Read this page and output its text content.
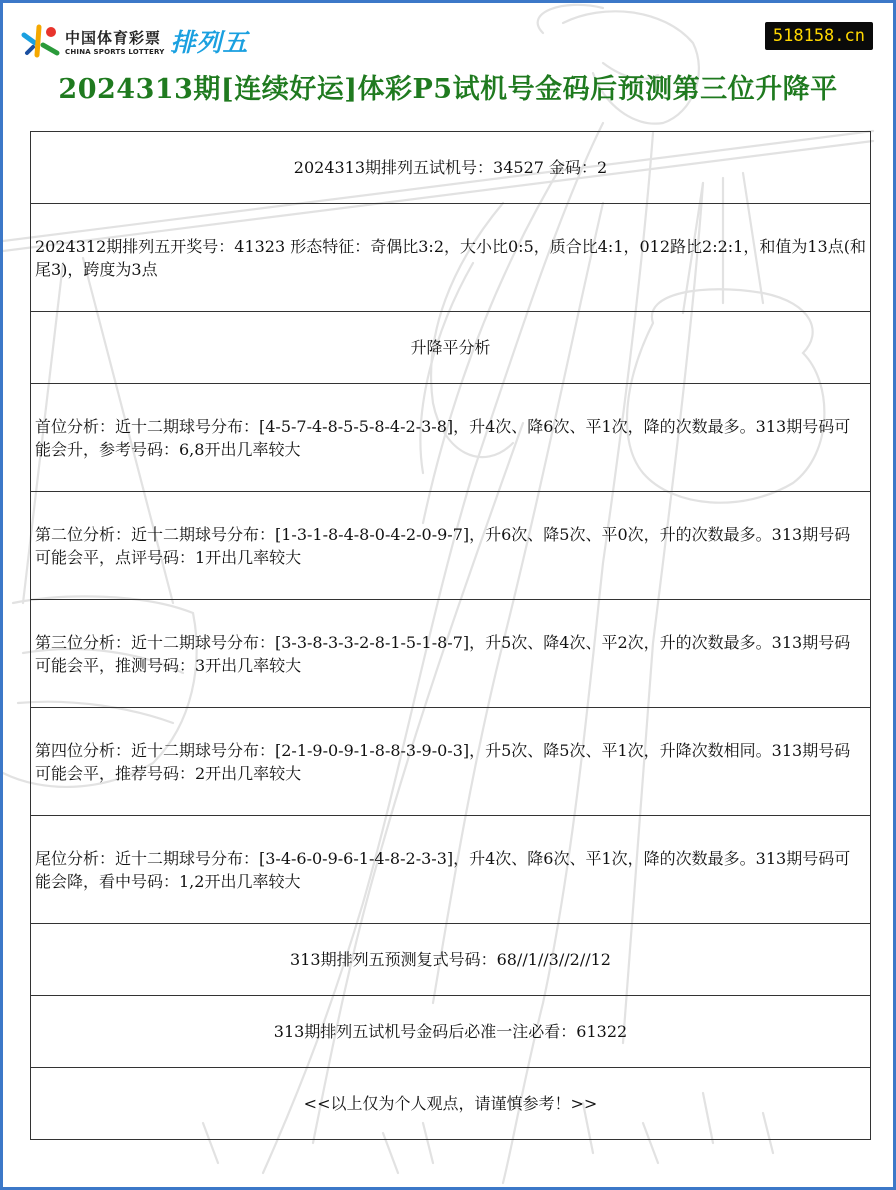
中国体育彩票
CHINA SPORTS LOTTERY 排列五	518158.cn
2024313期[连续好运]体彩P5试机号金码后预测第三位升降平
2024313期排列五试机号：34527 金码：2
2024312期排列五开奖号：41323 形态特征：奇偶比3:2，大小比0:5，质合比4:1，012路比2:2:1，和值为13点(和尾3)，跨度为3点
升降平分析
首位分析：近十二期球号分布：[4-5-7-4-8-5-5-8-4-2-3-8]，升4次、降6次、平1次，降的次数最多。313期号码可能会升，参考号码：6,8开出几率较大
第二位分析：近十二期球号分布：[1-3-1-8-4-8-0-4-2-0-9-7]，升6次、降5次、平0次，升的次数最多。313期号码可能会平，点评号码：1开出几率较大
第三位分析：近十二期球号分布：[3-3-8-3-3-2-8-1-5-1-8-7]，升5次、降4次、平2次，升的次数最多。313期号码可能会平，推测号码：3开出几率较大
第四位分析：近十二期球号分布：[2-1-9-0-9-1-8-8-3-9-0-3]，升5次、降5次、平1次，升降次数相同。313期号码可能会平，推荐号码：2开出几率较大
尾位分析：近十二期球号分布：[3-4-6-0-9-6-1-4-8-2-3-3]，升4次、降6次、平1次，降的次数最多。313期号码可能会降，看中号码：1,2开出几率较大
313期排列五预测复式号码：68//1//3//2//12
313期排列五试机号金码后必准一注必看：61322
<<以上仅为个人观点，请谨慎参考！>>
